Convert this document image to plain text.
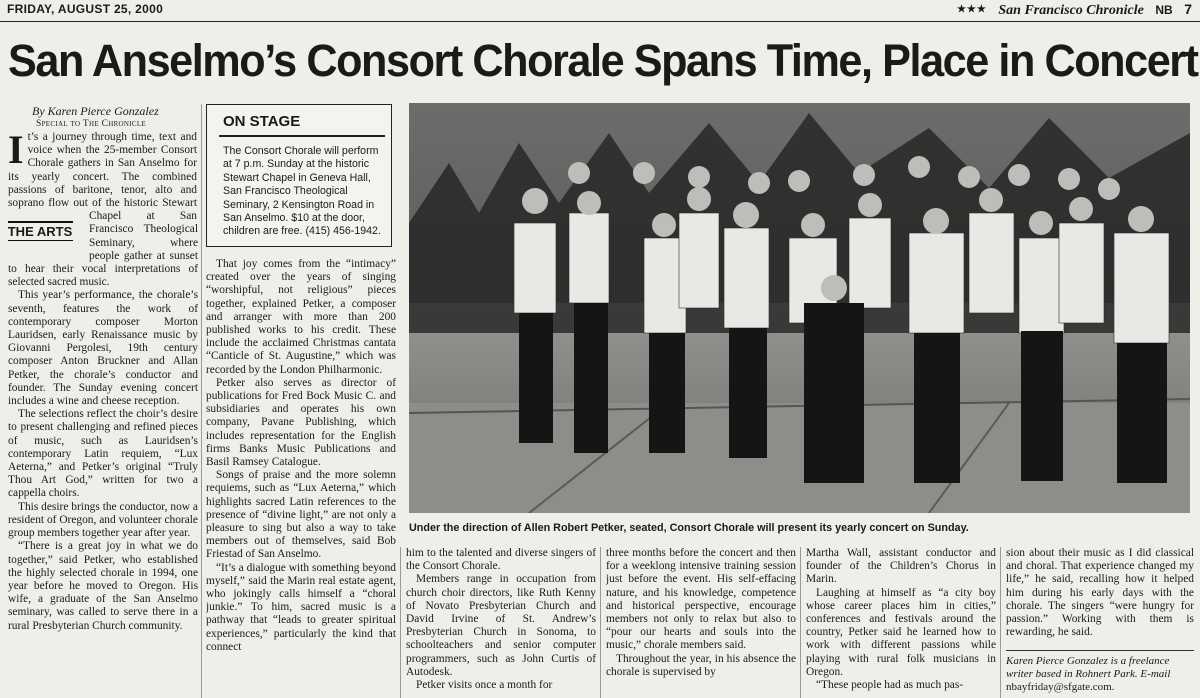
FRIDAY, AUGUST 25, 2000	★★★ San Francisco Chronicle NB 7
San Anselmo’s Consort Chorale Spans Time, Place in Concert
By Karen Pierce Gonzalez
Special to The Chronicle

I
THE ARTS
t’s a journey through time, text and voice when the 25-member Consort Chorale gathers in San Anselmo for its yearly concert. The combined passions of baritone, tenor, alto and soprano flow out of the historic Stewart Chapel at San Francisco Theological Seminary, where people gather at sunset to hear their vocal interpretations of selected sacred music.

This year’s performance, the chorale’s seventh, features the work of contemporary composer Morton Lauridsen, early Renaissance music by Giovanni Pergolesi, 19th century composer Anton Bruckner and Allan Petker, the chorale’s conductor and founder. The Sunday evening concert includes a wine and cheese reception.

The selections reflect the choir’s desire to present challenging and refined pieces of music, such as Lauridsen’s contemporary Latin requiem, “Lux Aeterna,” and Petker’s original “Truly Thou Art God,” written for two a cappella choirs.

This desire brings the conductor, now a resident of Oregon, and volunteer chorale group members together year after year.

“There is a great joy in what we do together,” said Petker, who established the highly selected chorale in 1994, one year before he moved to Oregon. His wife, a graduate of the San Anselmo seminary, was called to serve there in a rural Presbyterian Church community.

ON STAGE
The Consort Chorale will perform at 7 p.m. Sunday at the historic Stewart Chapel in Geneva Hall, San Francisco Theological Seminary, 2 Kensington Road in San Anselmo. $10 at the door, children are free. (415) 456-1942.

That joy comes from the “intimacy” created over the years of singing “worshipful, not religious” pieces together, explained Petker, a composer and arranger with more than 200 published works to his credit. These include the acclaimed Christmas cantata “Canticle of St. Augustine,” which was recorded by the London Philharmonic.

Petker also serves as director of publications for Fred Bock Music C. and subsidiaries and operates his own company, Pavane Publishing, which includes representation for the English firms Banks Music Publications and Basil Ramsey Catalogue.

Songs of praise and the more solemn requiems, such as “Lux Aeterna,” which highlights sacred Latin references to the presence of “divine light,” are not only a pleasure to sing but also a way to take members out of themselves, said Bob Friestad of San Anselmo.

“It’s a dialogue with something beyond myself,” said the Marin real estate agent, who jokingly calls himself a “choral junkie.” To him, sacred music is a pathway that “leads to greater spiritual experiences,” particularly the kind that connect

Under the direction of Allen Robert Petker, seated, Consort Chorale will present its yearly concert on Sunday.

him to the talented and diverse singers of the Consort Chorale.

Members range in occupation from church choir directors, like Ruth Kenny of Novato Presbyterian Church and David Irvine of St. Andrew’s Presbyterian Church in Sonoma, to schoolteachers and senior computer programmers, such as John Curtis of Autodesk.

Petker visits once a month for

three months before the concert and then for a weeklong intensive training session just before the event. His self-effacing nature, and his knowledge, competence and historical perspective, encourage members not only to relax but also to “pour our hearts and souls into the music,” chorale members said.

Throughout the year, in his absence the chorale is supervised by

Martha Wall, assistant conductor and founder of the Children’s Chorus in Marin.

Laughing at himself as “a city boy whose career places him in cities,” conferences and festivals around the country, Petker said he learned how to work with different passions while playing with rural folk musicians in Oregon.

“These people had as much pas-

sion about their music as I did classical and choral. That experience changed my life,” he said, recalling how it helped him during his early days with the chorale. The singers “were hungry for passion.” Working with them is rewarding, he said.

Karen Pierce Gonzalez is a freelance writer based in Rohnert Park. E-mail nbayfriday@sfgate.com.
